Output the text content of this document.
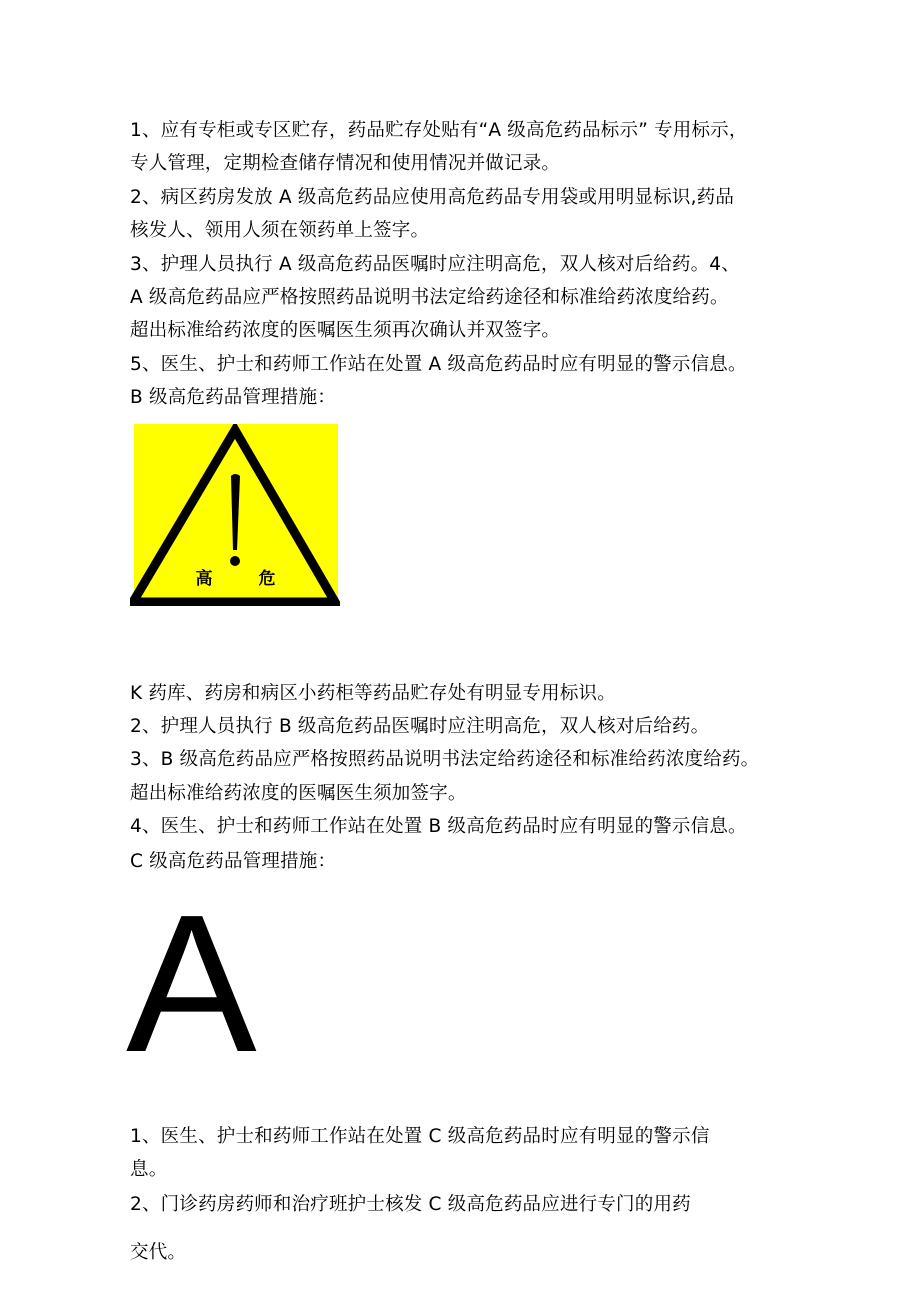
1、应有专柜或专区贮存，药品贮存处贴有“A 级高危药品标示” 专用标示，
专人管理，定期检查储存情况和使用情况并做记录。
2、病区药房发放 A 级高危药品应使用高危药品专用袋或用明显标识,药品
核发人、领用人须在领药单上签字。
3、护理人员执行 A 级高危药品医嘱时应注明高危，双人核对后给药。4、
A 级高危药品应严格按照药品说明书法定给药途径和标准给药浓度给药。
超出标准给药浓度的医嘱医生须再次确认并双签字。
5、医生、护士和药师工作站在处置 A 级高危药品时应有明显的警示信息。
B 级高危药品管理措施：
高	危
K 药库、药房和病区小药柜等药品贮存处有明显专用标识。
2、护理人员执行 B 级高危药品医嘱时应注明高危，双人核对后给药。
3、B 级高危药品应严格按照药品说明书法定给药途径和标准给药浓度给药。
超出标准给药浓度的医嘱医生须加签字。
4、医生、护士和药师工作站在处置 B 级高危药品时应有明显的警示信息。
C 级高危药品管理措施：
A
1、医生、护士和药师工作站在处置 C 级高危药品时应有明显的警示信
息。
2、门诊药房药师和治疗班护士核发 C 级高危药品应进行专门的用药
交代。
